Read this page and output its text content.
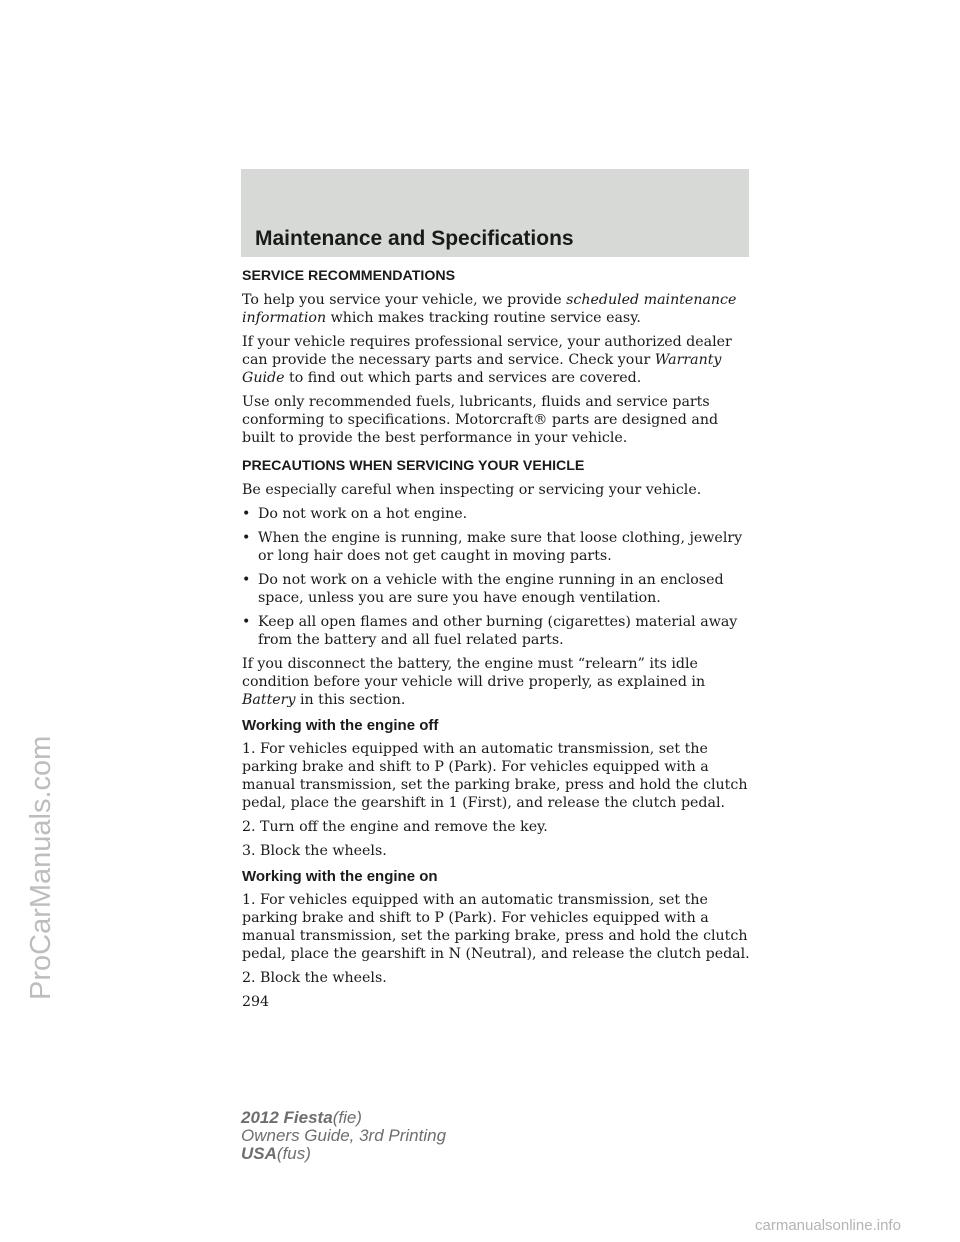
ProCarManuals.com
Maintenance and Specifications
SERVICE RECOMMENDATIONS

To help you service your vehicle, we provide scheduled maintenance information which makes tracking routine service easy.

If your vehicle requires professional service, your authorized dealer can provide the necessary parts and service. Check your Warranty Guide to find out which parts and services are covered.

Use only recommended fuels, lubricants, fluids and service parts conforming to specifications. Motorcraft® parts are designed and built to provide the best performance in your vehicle.

PRECAUTIONS WHEN SERVICING YOUR VEHICLE

Be especially careful when inspecting or servicing your vehicle.

• Do not work on a hot engine.
• When the engine is running, make sure that loose clothing, jewelry or long hair does not get caught in moving parts.
• Do not work on a vehicle with the engine running in an enclosed space, unless you are sure you have enough ventilation.
• Keep all open flames and other burning (cigarettes) material away from the battery and all fuel related parts.

If you disconnect the battery, the engine must “relearn” its idle condition before your vehicle will drive properly, as explained in Battery in this section.

Working with the engine off

1. For vehicles equipped with an automatic transmission, set the parking brake and shift to P (Park). For vehicles equipped with a manual transmission, set the parking brake, press and hold the clutch pedal, place the gearshift in 1 (First), and release the clutch pedal.

2. Turn off the engine and remove the key.

3. Block the wheels.

Working with the engine on

1. For vehicles equipped with an automatic transmission, set the parking brake and shift to P (Park). For vehicles equipped with a manual transmission, set the parking brake, press and hold the clutch pedal, place the gearshift in N (Neutral), and release the clutch pedal.

2. Block the wheels.

294
2012 Fiesta(fie)
Owners Guide, 3rd Printing
USA(fus)
carmanualsonline.info
